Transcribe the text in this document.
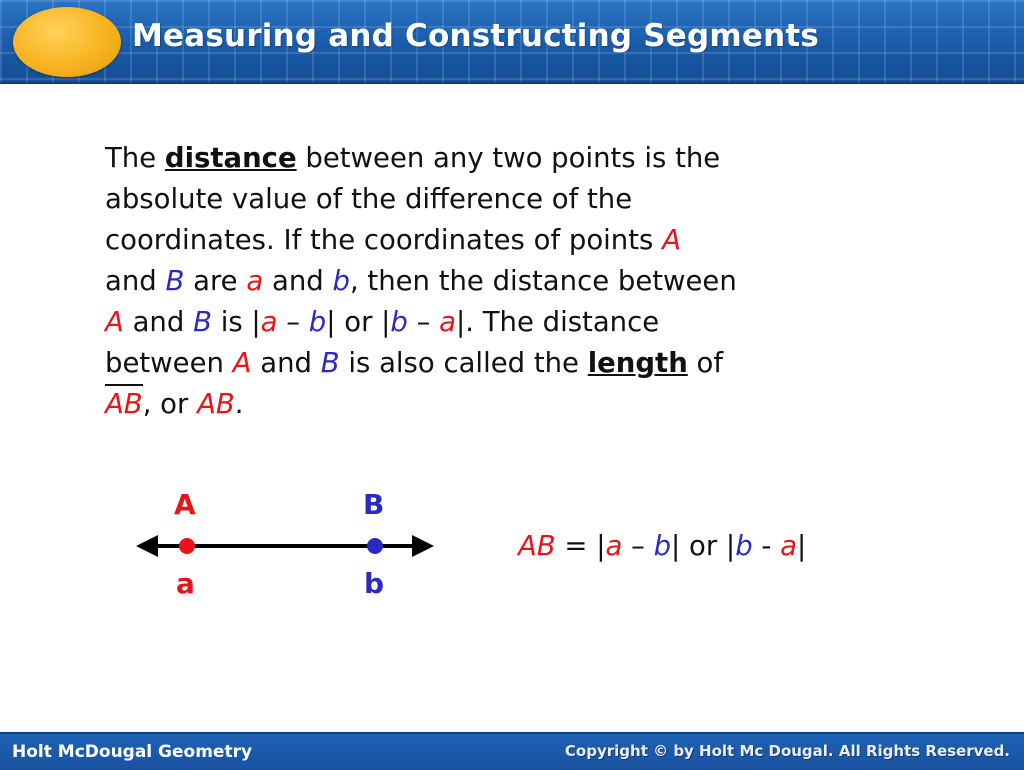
Measuring and Constructing Segments
The distance between any two points is the
absolute value of the difference of the
coordinates. If the coordinates of points A
and B are a and b, then the distance between
A and B is |a – b| or |b – a|. The distance
between A and B is also called the length of
AB, or AB.
A	B
a	b
AB = |a – b| or |b - a|
Holt McDougal Geometry	Copyright © by Holt Mc Dougal. All Rights Reserved.
